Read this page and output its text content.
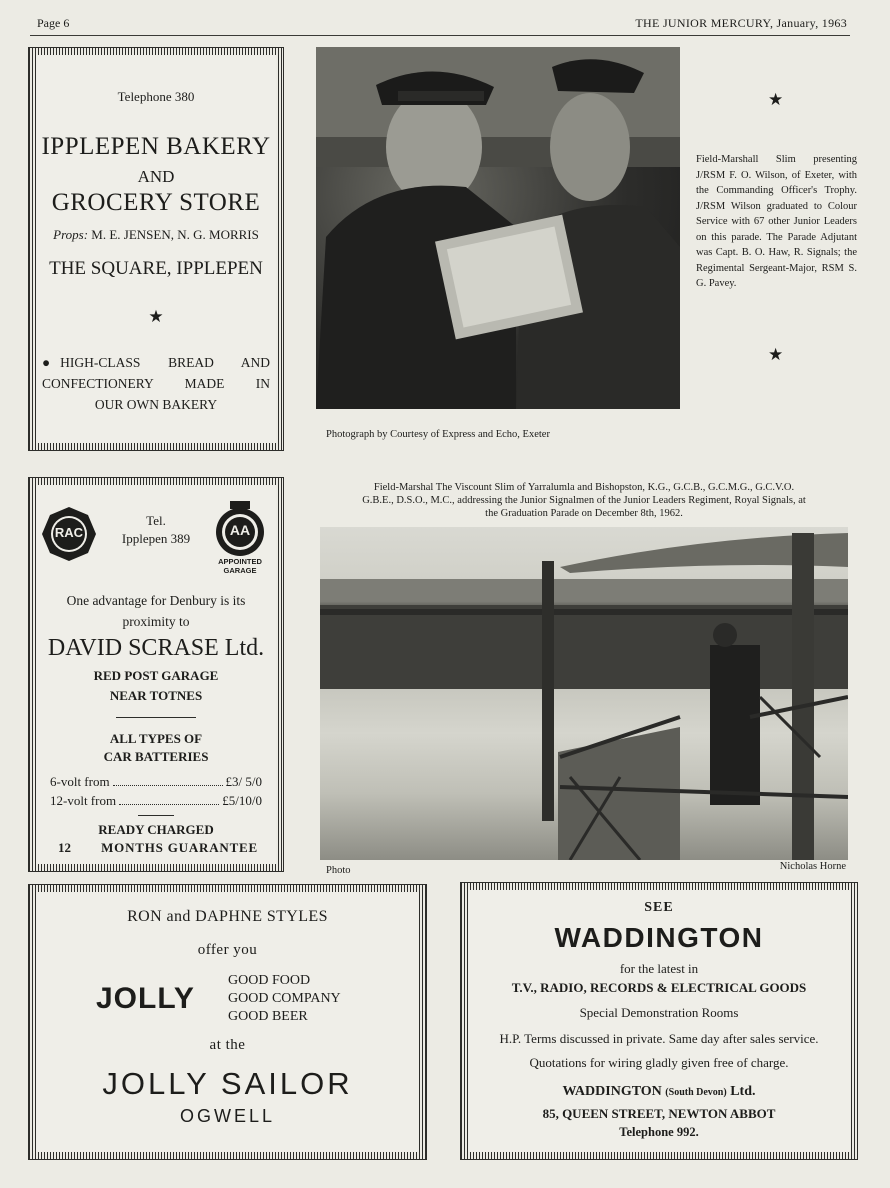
Page 6	THE JUNIOR MERCURY, January, 1963
Telephone 380
IPPLEPEN BAKERY
AND
GROCERY STORE
Props: M. E. JENSEN, N. G. MORRIS
THE SQUARE, IPPLEPEN
★
● HIGH-CLASS BREAD AND
CONFECTIONERY MADE IN
OUR OWN BAKERY
RAC
Tel.
Ipplepen 389
AA
APPOINTED
GARAGE
One advantage for Denbury is its
proximity to
DAVID SCRASE Ltd.
RED POST GARAGE
NEAR TOTNES
ALL TYPES OF
CAR BATTERIES
6-volt from	£3/ 5/0
12-volt from	£5/10/0
READY CHARGED
12 MONTHS GUARANTEE
★
Field-Marshall Slim presenting J/RSM F. O. Wilson, of Exeter, with the Commanding Officer's Trophy. J/RSM Wilson graduated to Colour Service with 67 other Junior Leaders on this parade. The Parade Adjutant was Capt. B. O. Haw, R. Signals; the Regimental Sergeant-Major, RSM S. G. Pavey.
★
Photograph by Courtesy of Express and Echo, Exeter
Field-Marshal The Viscount Slim of Yarralumla and Bishopston, K.G., G.C.B., G.C.M.G., G.C.V.O.
G.B.E., D.S.O., M.C., addressing the Junior Signalmen of the Junior Leaders Regiment, Royal Signals, at
the Graduation Parade on December 8th, 1962.
Photo	Nicholas Horne
RON and DAPHNE STYLES
offer you
JOLLY
GOOD FOOD
GOOD COMPANY
GOOD BEER
at the
JOLLY SAILOR
OGWELL
SEE
WADDINGTON
for the latest in
T.V., RADIO, RECORDS & ELECTRICAL GOODS
Special Demonstration Rooms
H.P. Terms discussed in private. Same day after sales service.
Quotations for wiring gladly given free of charge.
WADDINGTON (South Devon) Ltd.
85, QUEEN STREET, NEWTON ABBOT
Telephone 992.
